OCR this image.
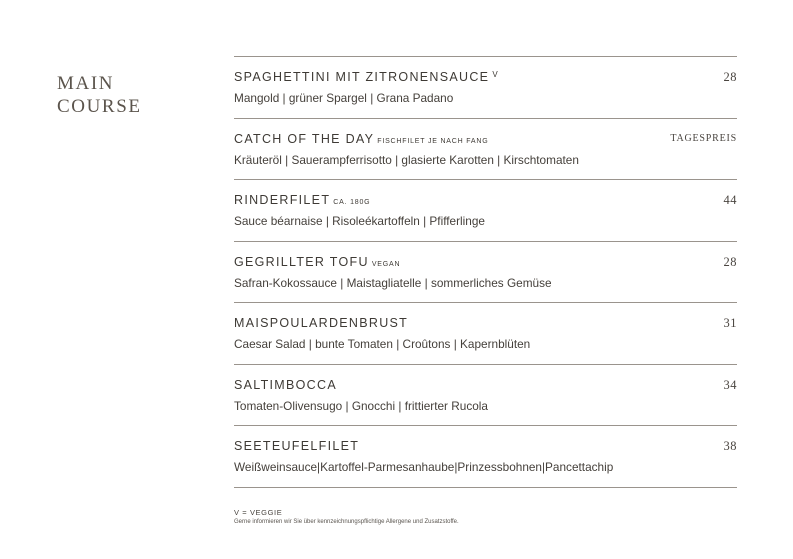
MAIN
COURSE
SPAGHETTINI MIT ZITRONENSAUCE $^V$	28
Mangold | grüner Spargel | Grana Padano
CATCH OF THE DAY FISCHFILET JE NACH FANG	TAGESPREIS
Kräuteröl | Sauerampferrisotto | glasierte Karotten | Kirschtomaten
RINDERFILET CA. 180G	44
Sauce béarnaise | Risoleékartoffeln | Pfifferlinge
GEGRILLTER TOFU VEGAN	28
Safran-Kokossauce | Maistagliatelle | sommerliches Gemüse
MAISPOULARDENBRUST	31
Caesar Salad | bunte Tomaten | Croûtons | Kapernblüten
SALTIMBOCCA	34
Tomaten-Olivensugo | Gnocchi | frittierter Rucola
SEETEUFELFILET	38
Weißweinsauce|Kartoffel-Parmesanhaube|Prinzessbohnen|Pancettachip
V = VEGGIE
Gerne informieren wir Sie über kennzeichnungspflichtige Allergene und Zusatzstoffe.
